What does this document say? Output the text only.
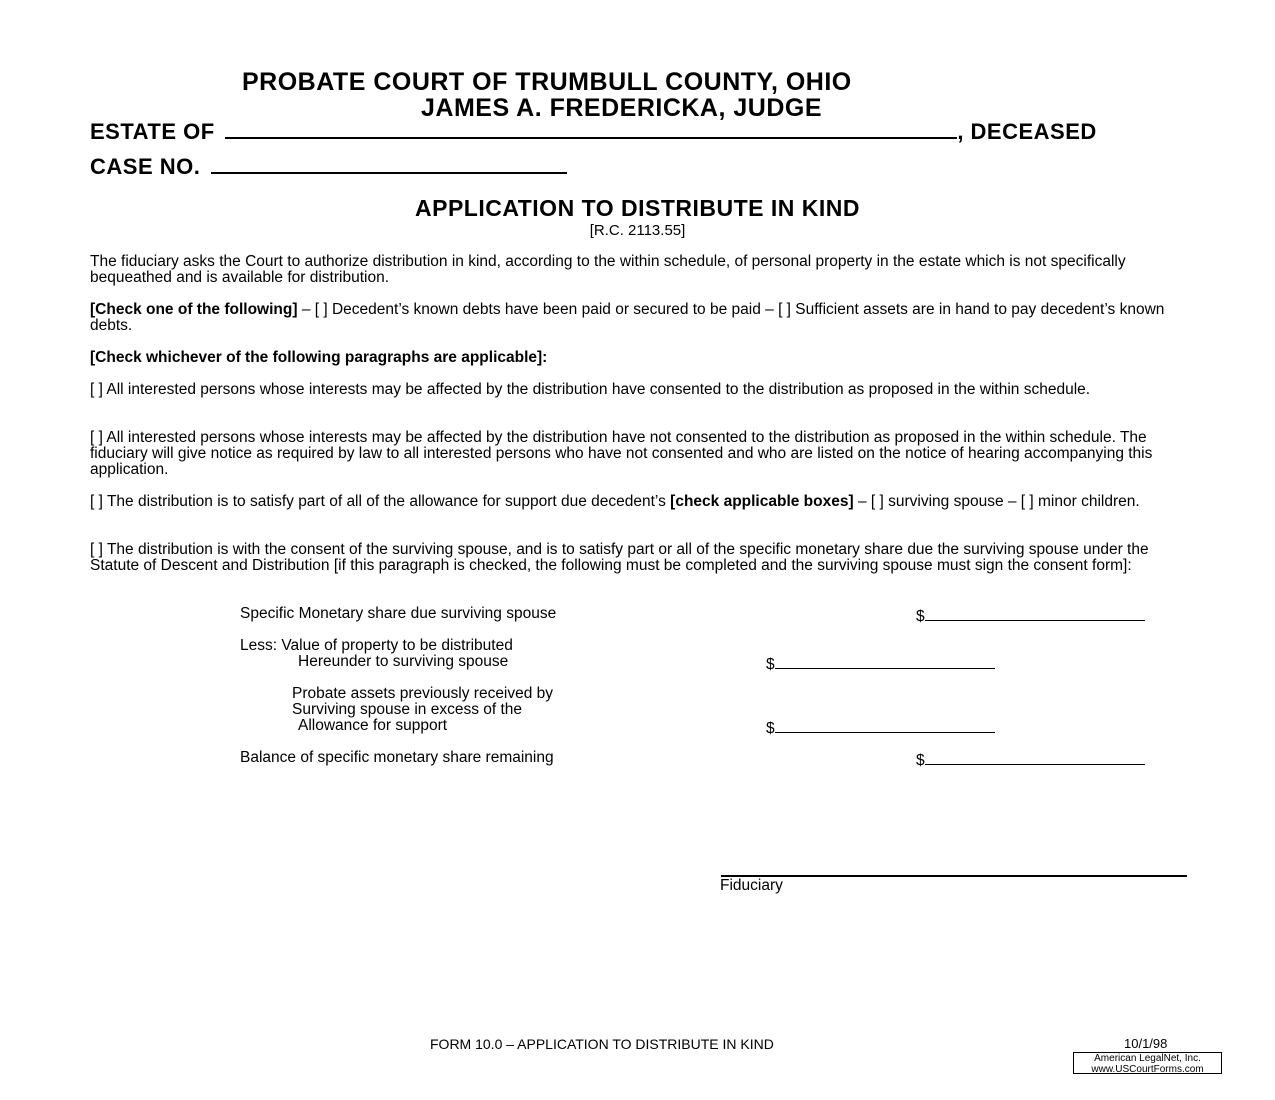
PROBATE COURT OF TRUMBULL COUNTY, OHIO
JAMES A. FREDERICKA, JUDGE
ESTATE OF	, DECEASED
CASE NO.
APPLICATION TO DISTRIBUTE IN KIND
[R.C. 2113.55]
The fiduciary asks the Court to authorize distribution in kind, according to the within schedule, of personal property in the estate which is not specifically bequeathed and is available for distribution.
[Check one of the following] – [ ] Decedent’s known debts have been paid or secured to be paid – [ ] Sufficient assets are in hand to pay decedent’s known debts.
[Check whichever of the following paragraphs are applicable]:
[ ] All interested persons whose interests may be affected by the distribution have consented to the distribution as proposed in the within schedule.
[ ] All interested persons whose interests may be affected by the distribution have not consented to the distribution as proposed in the within schedule. The fiduciary will give notice as required by law to all interested persons who have not consented and who are listed on the notice of hearing accompanying this application.
[ ] The distribution is to satisfy part of all of the allowance for support due decedent’s [check applicable boxes] – [ ] surviving spouse – [ ] minor children.
[ ] The distribution is with the consent of the surviving spouse, and is to satisfy part or all of the specific monetary share due the surviving spouse under the Statute of Descent and Distribution [if this paragraph is checked, the following must be completed and the surviving spouse must sign the consent form]:
Specific Monetary share due surviving spouse	$
Less: Value of property to be distributed
Hereunder to surviving spouse	$
Probate assets previously received by
Surviving spouse in excess of the
Allowance for support	$
Balance of specific monetary share remaining	$
Fiduciary
FORM 10.0 – APPLICATION TO DISTRIBUTE IN KIND	10/1/98
American LegalNet, Inc.
www.USCourtForms.com
